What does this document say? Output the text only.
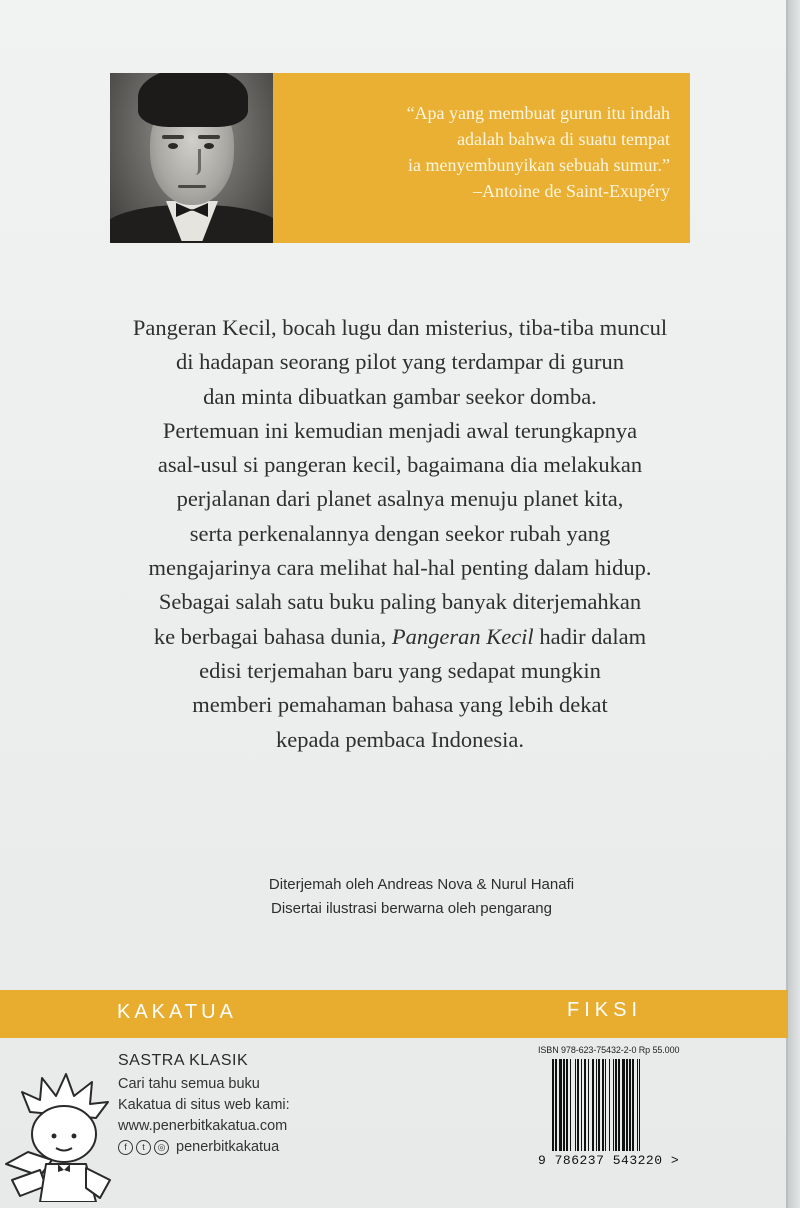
“Apa yang membuat gurun itu indah
adalah bahwa di suatu tempat
ia menyembunyikan sebuah sumur.”
–Antoine de Saint-Exupéry
Pangeran Kecil, bocah lugu dan misterius, tiba-tiba muncul
di hadapan seorang pilot yang terdampar di gurun
dan minta dibuatkan gambar seekor domba.
Pertemuan ini kemudian menjadi awal terungkapnya
asal-usul si pangeran kecil, bagaimana dia melakukan
perjalanan dari planet asalnya menuju planet kita,
serta perkenalannya dengan seekor rubah yang
mengajarinya cara melihat hal-hal penting dalam hidup.
Sebagai salah satu buku paling banyak diterjemahkan
ke berbagai bahasa dunia, Pangeran Kecil hadir dalam
edisi terjemahan baru yang sedapat mungkin
memberi pemahaman bahasa yang lebih dekat
kepada pembaca Indonesia.
Diterjemah oleh Andreas Nova & Nurul Hanafi
Disertai ilustrasi berwarna oleh pengarang
KAKATUA	FIKSI
SASTRA KLASIK
Cari tahu semua buku
Kakatua di situs web kami:
www.penerbitkakatua.com
f	t	◎ penerbitkakatua
ISBN 978-623-75432-2-0 Rp 55.000
9 786237 543220 >
